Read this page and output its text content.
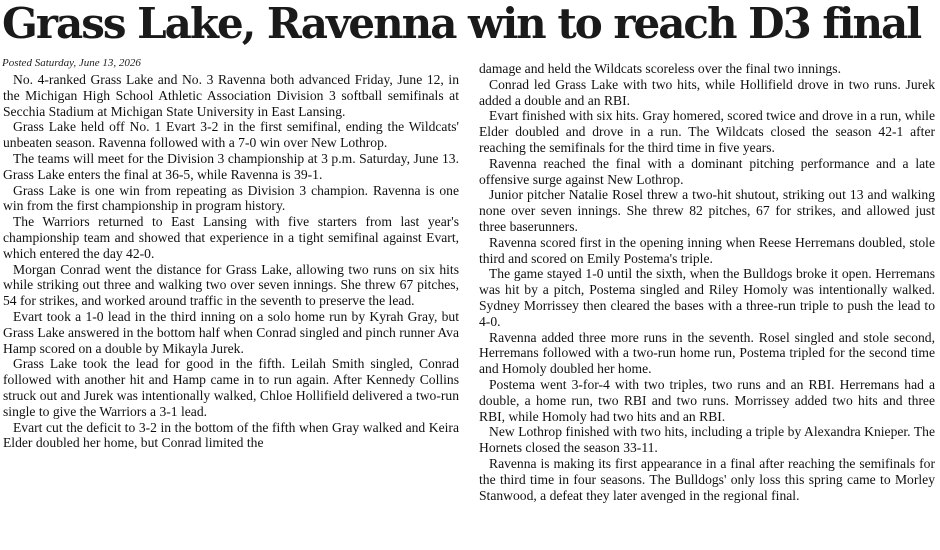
Grass Lake, Ravenna win to reach D3 final
Posted Saturday, June 13, 2026

No. 4-ranked Grass Lake and No. 3 Ravenna both advanced Friday, June 12, in the Michigan High School Athletic Association Division 3 softball semifinals at Secchia Stadium at Michigan State University in East Lansing.

Grass Lake held off No. 1 Evart 3-2 in the first semifinal, ending the Wildcats' unbeaten season. Ravenna followed with a 7-0 win over New Lothrop.

The teams will meet for the Division 3 championship at 3 p.m. Saturday, June 13. Grass Lake enters the final at 36-5, while Ravenna is 39-1.

Grass Lake is one win from repeating as Division 3 champion. Ravenna is one win from the first championship in program history.

The Warriors returned to East Lansing with five starters from last year's championship team and showed that experience in a tight semifinal against Evart, which entered the day 42-0.

Morgan Conrad went the distance for Grass Lake, allowing two runs on six hits while striking out three and walking two over seven innings. She threw 67 pitches, 54 for strikes, and worked around traffic in the seventh to preserve the lead.

Evart took a 1-0 lead in the third inning on a solo home run by Kyrah Gray, but Grass Lake answered in the bottom half when Conrad singled and pinch runner Ava Hamp scored on a double by Mikayla Jurek.

Grass Lake took the lead for good in the fifth. Leilah Smith singled, Conrad followed with another hit and Hamp came in to run again. After Kennedy Collins struck out and Jurek was intentionally walked, Chloe Hollifield delivered a two-run single to give the Warriors a 3-1 lead.

Evart cut the deficit to 3-2 in the bottom of the fifth when Gray walked and Keira Elder doubled her home, but Conrad limited the

damage and held the Wildcats scoreless over the final two innings.

Conrad led Grass Lake with two hits, while Hollifield drove in two runs. Jurek added a double and an RBI.

Evart finished with six hits. Gray homered, scored twice and drove in a run, while Elder doubled and drove in a run. The Wildcats closed the season 42-1 after reaching the semifinals for the third time in five years.

Ravenna reached the final with a dominant pitching performance and a late offensive surge against New Lothrop.

Junior pitcher Natalie Rosel threw a two-hit shutout, striking out 13 and walking none over seven innings. She threw 82 pitches, 67 for strikes, and allowed just three baserunners.

Ravenna scored first in the opening inning when Reese Herremans doubled, stole third and scored on Emily Postema's triple.

The game stayed 1-0 until the sixth, when the Bulldogs broke it open. Herremans was hit by a pitch, Postema singled and Riley Homoly was intentionally walked. Sydney Morrissey then cleared the bases with a three-run triple to push the lead to 4-0.

Ravenna added three more runs in the seventh. Rosel singled and stole second, Herremans followed with a two-run home run, Postema tripled for the second time and Homoly doubled her home.

Postema went 3-for-4 with two triples, two runs and an RBI. Herremans had a double, a home run, two RBI and two runs. Morrissey added two hits and three RBI, while Homoly had two hits and an RBI.

New Lothrop finished with two hits, including a triple by Alexandra Knieper. The Hornets closed the season 33-11.

Ravenna is making its first appearance in a final after reaching the semifinals for the third time in four seasons. The Bulldogs' only loss this spring came to Morley Stanwood, a defeat they later avenged in the regional final.
